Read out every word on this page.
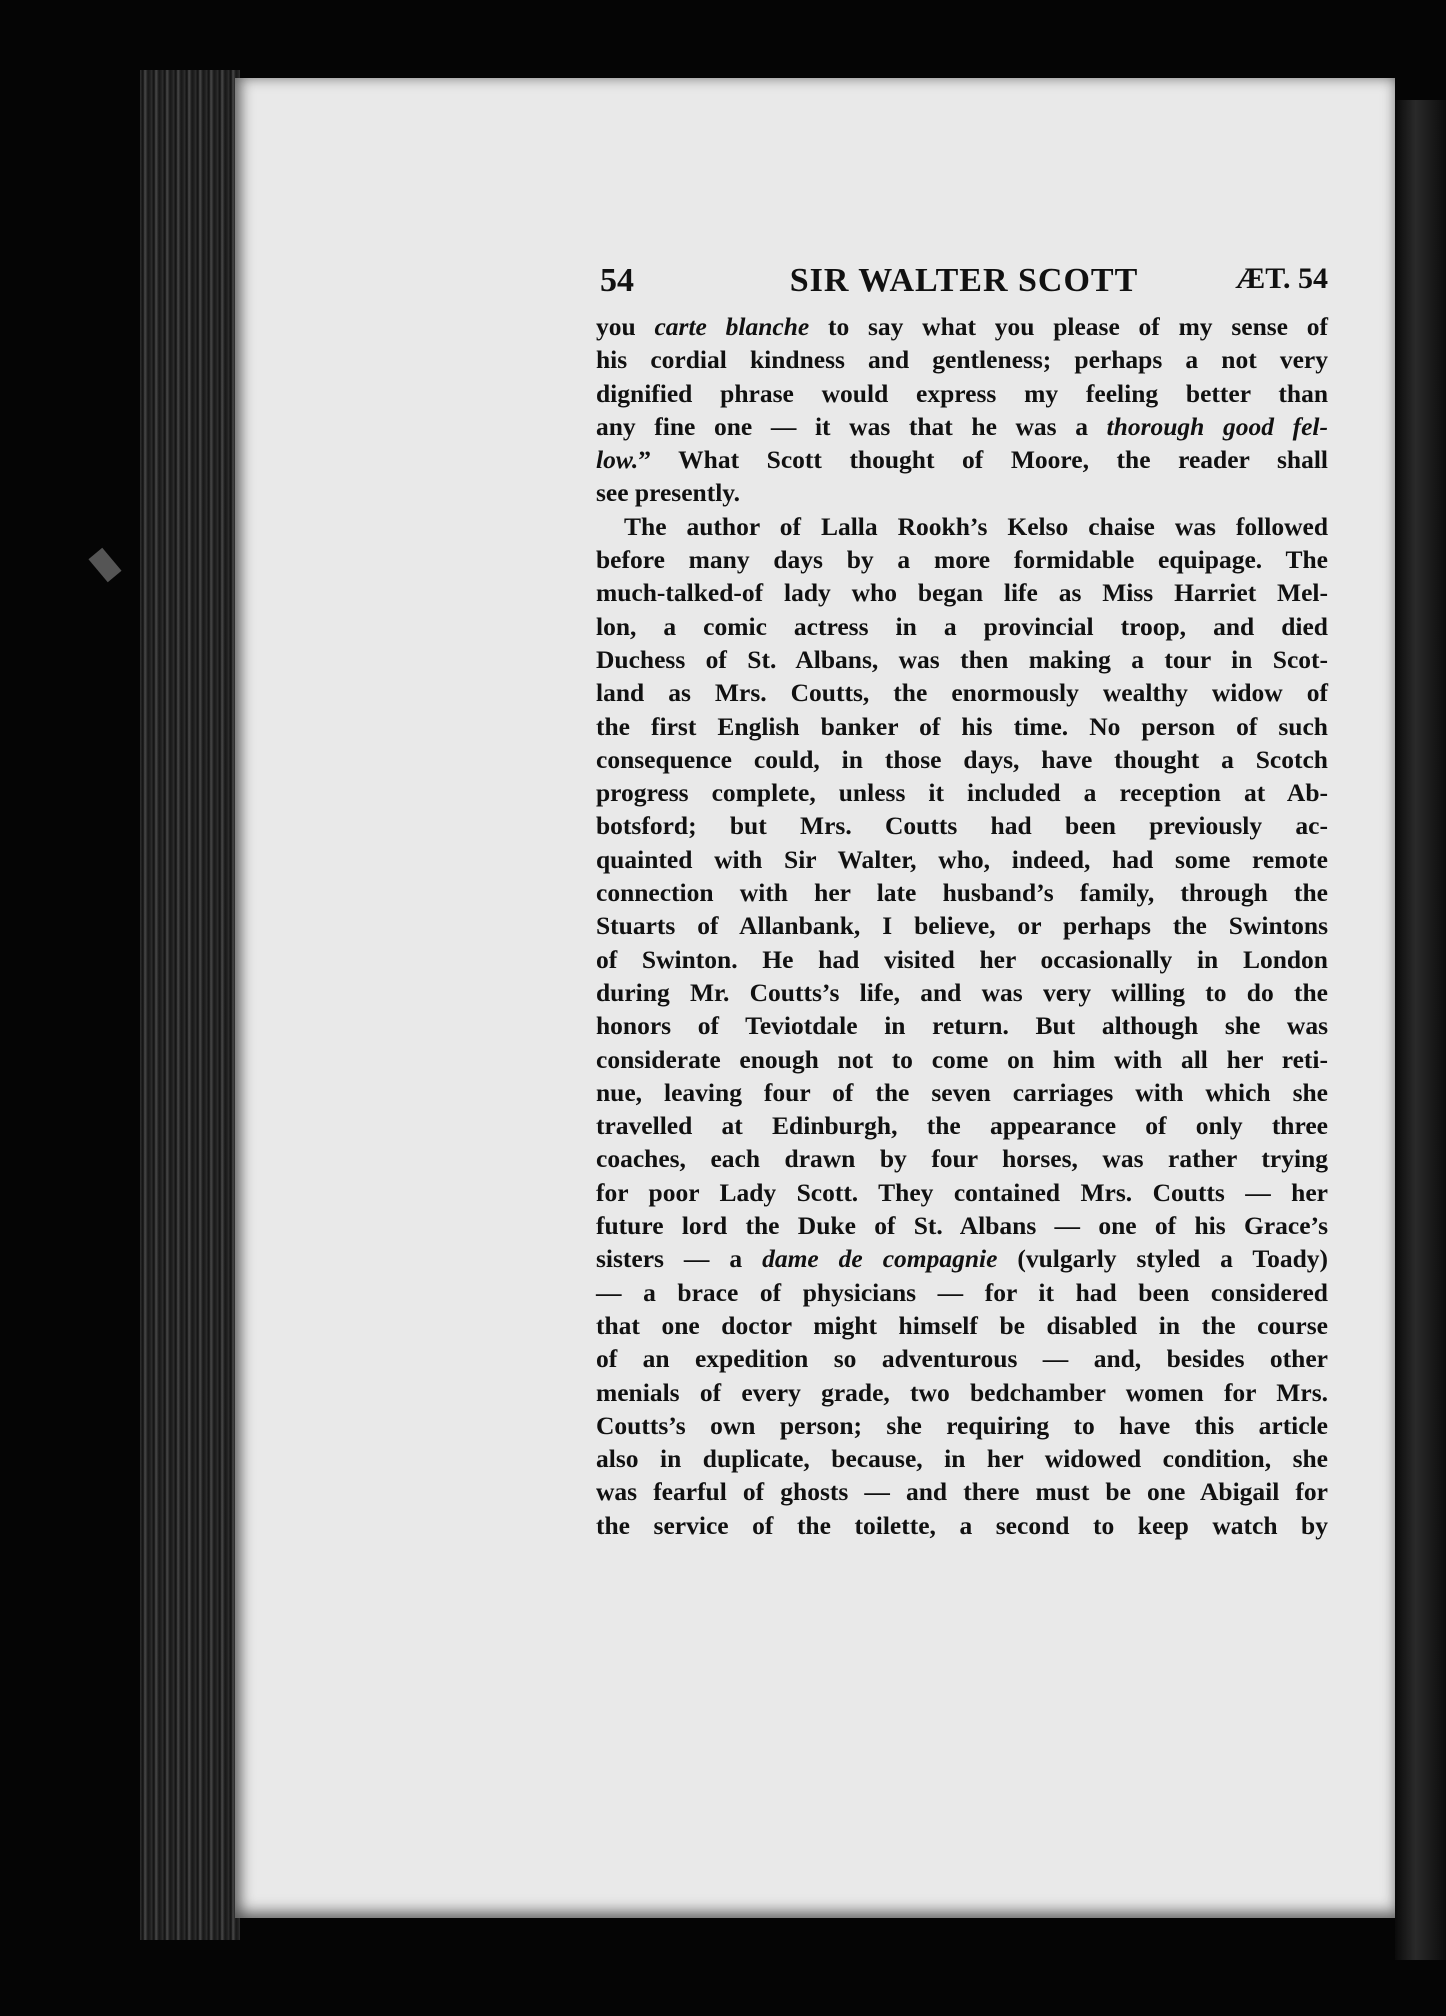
54	SIR WALTER SCOTT	ÆT. 54
you carte blanche to say what you please of my sense of
his cordial kindness and gentleness; perhaps a not very
dignified phrase would express my feeling better than
any fine one — it was that he was a thorough good fel-
low.” What Scott thought of Moore, the reader shall
see presently.
The author of Lalla Rookh’s Kelso chaise was followed
before many days by a more formidable equipage. The
much-talked-of lady who began life as Miss Harriet Mel-
lon, a comic actress in a provincial troop, and died
Duchess of St. Albans, was then making a tour in Scot-
land as Mrs. Coutts, the enormously wealthy widow of
the first English banker of his time. No person of such
consequence could, in those days, have thought a Scotch
progress complete, unless it included a reception at Ab-
botsford; but Mrs. Coutts had been previously ac-
quainted with Sir Walter, who, indeed, had some remote
connection with her late husband’s family, through the
Stuarts of Allanbank, I believe, or perhaps the Swintons
of Swinton. He had visited her occasionally in London
during Mr. Coutts’s life, and was very willing to do the
honors of Teviotdale in return. But although she was
considerate enough not to come on him with all her reti-
nue, leaving four of the seven carriages with which she
travelled at Edinburgh, the appearance of only three
coaches, each drawn by four horses, was rather trying
for poor Lady Scott. They contained Mrs. Coutts — her
future lord the Duke of St. Albans — one of his Grace’s
sisters — a dame de compagnie (vulgarly styled a Toady)
— a brace of physicians — for it had been considered
that one doctor might himself be disabled in the course
of an expedition so adventurous — and, besides other
menials of every grade, two bedchamber women for Mrs.
Coutts’s own person; she requiring to have this article
also in duplicate, because, in her widowed condition, she
was fearful of ghosts — and there must be one Abigail for
the service of the toilette, a second to keep watch by
